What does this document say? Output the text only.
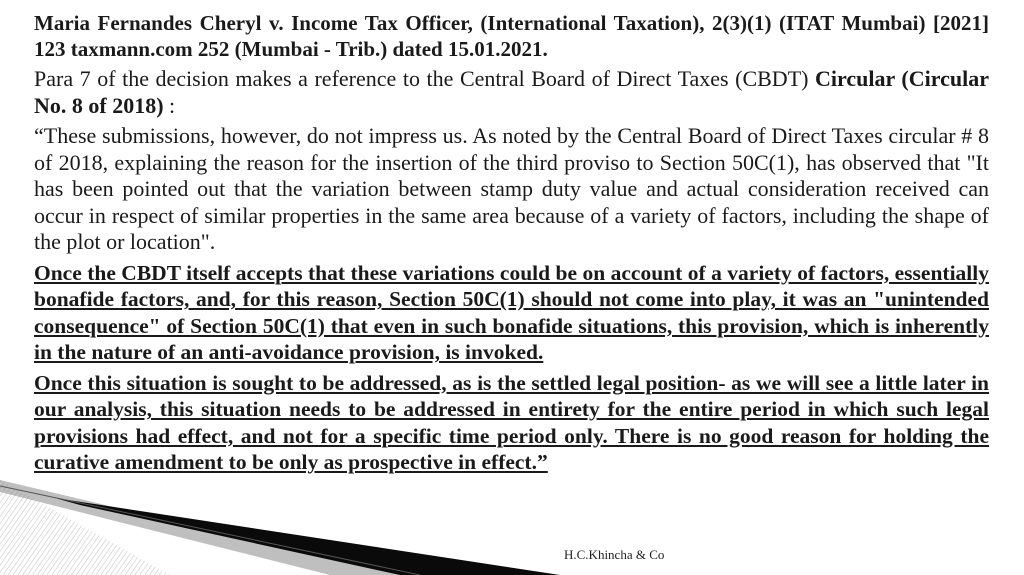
Maria Fernandes Cheryl v. Income Tax Officer, (International Taxation), 2(3)(1) (ITAT Mumbai) [2021] 123 taxmann.com 252 (Mumbai - Trib.) dated 15.01.2021.

Para 7 of the decision makes a reference to the Central Board of Direct Taxes (CBDT) Circular (Circular No. 8 of 2018) :

“These submissions, however, do not impress us. As noted by the Central Board of Direct Taxes circular # 8 of 2018, explaining the reason for the insertion of the third proviso to Section 50C(1), has observed that "It has been pointed out that the variation between stamp duty value and actual consideration received can occur in respect of similar properties in the same area because of a variety of factors, including the shape of the plot or location".

Once the CBDT itself accepts that these variations could be on account of a variety of factors, essentially bonafide factors, and, for this reason, Section 50C(1) should not come into play, it was an "unintended consequence" of Section 50C(1) that even in such bonafide situations, this provision, which is inherently in the nature of an anti-avoidance provision, is invoked.

Once this situation is sought to be addressed, as is the settled legal position- as we will see a little later in our analysis, this situation needs to be addressed in entirety for the entire period in which such legal provisions had effect, and not for a specific time period only. There is no good reason for holding the curative amendment to be only as prospective in effect.”

H.C.Khincha & Co
